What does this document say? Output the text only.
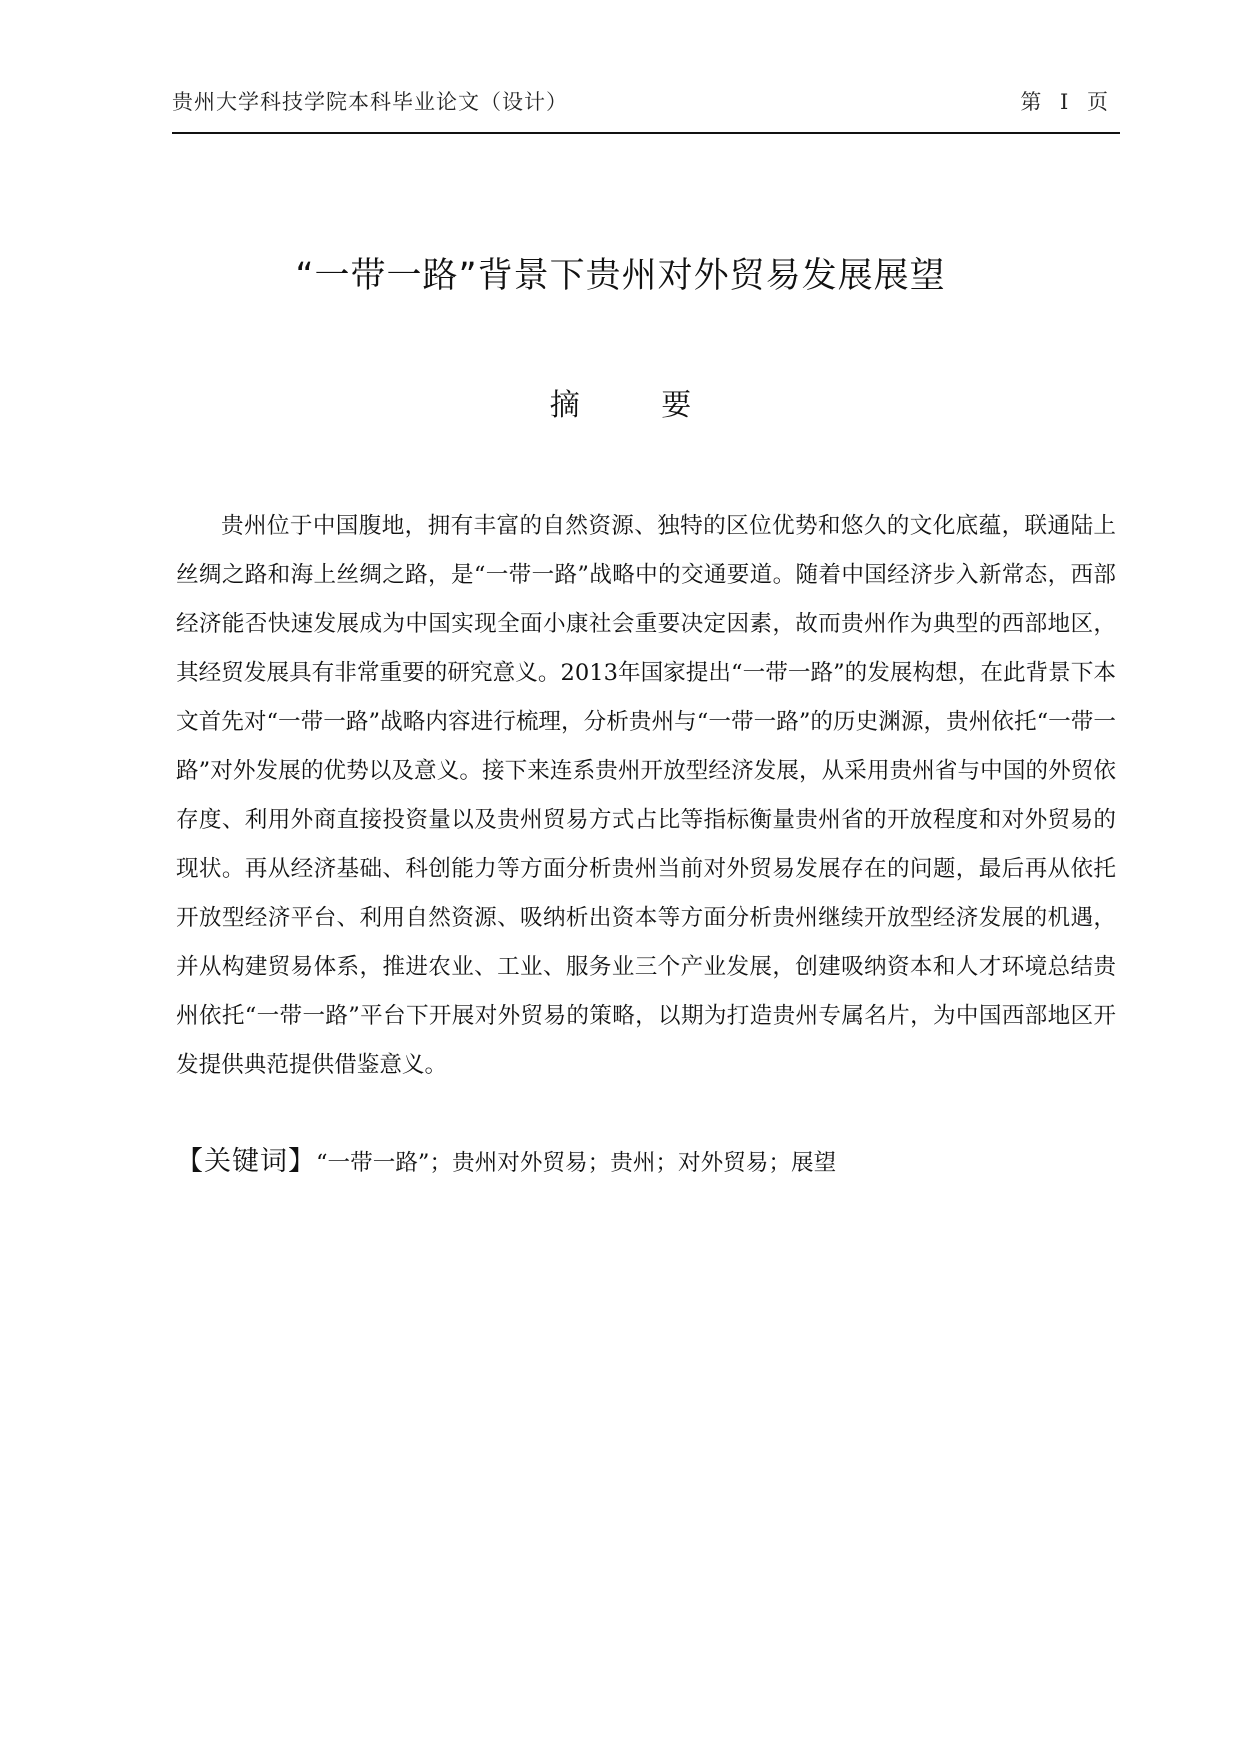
贵州大学科技学院本科毕业论文（设计）	第 I 页
“一带一路”背景下贵州对外贸易发展展望
摘 要

贵州位于中国腹地，拥有丰富的自然资源、独特的区位优势和悠久的文化底蕴，联通陆上丝绸之路和海上丝绸之路，是“一带一路”战略中的交通要道。随着中国经济步入新常态，西部经济能否快速发展成为中国实现全面小康社会重要决定因素，故而贵州作为典型的西部地区，其经贸发展具有非常重要的研究意义。2013年国家提出“一带一路”的发展构想，在此背景下本文首先对“一带一路”战略内容进行梳理，分析贵州与“一带一路”的历史渊源，贵州依托“一带一路”对外发展的优势以及意义。接下来连系贵州开放型经济发展，从采用贵州省与中国的外贸依存度、利用外商直接投资量以及贵州贸易方式占比等指标衡量贵州省的开放程度和对外贸易的现状。再从经济基础、科创能力等方面分析贵州当前对外贸易发展存在的问题，最后再从依托开放型经济平台、利用自然资源、吸纳析出资本等方面分析贵州继续开放型经济发展的机遇，并从构建贸易体系，推进农业、工业、服务业三个产业发展，创建吸纳资本和人才环境总结贵州依托“一带一路”平台下开展对外贸易的策略，以期为打造贵州专属名片，为中国西部地区开发提供典范提供借鉴意义。

【关键词】“一带一路”；贵州对外贸易；贵州；对外贸易；展望
